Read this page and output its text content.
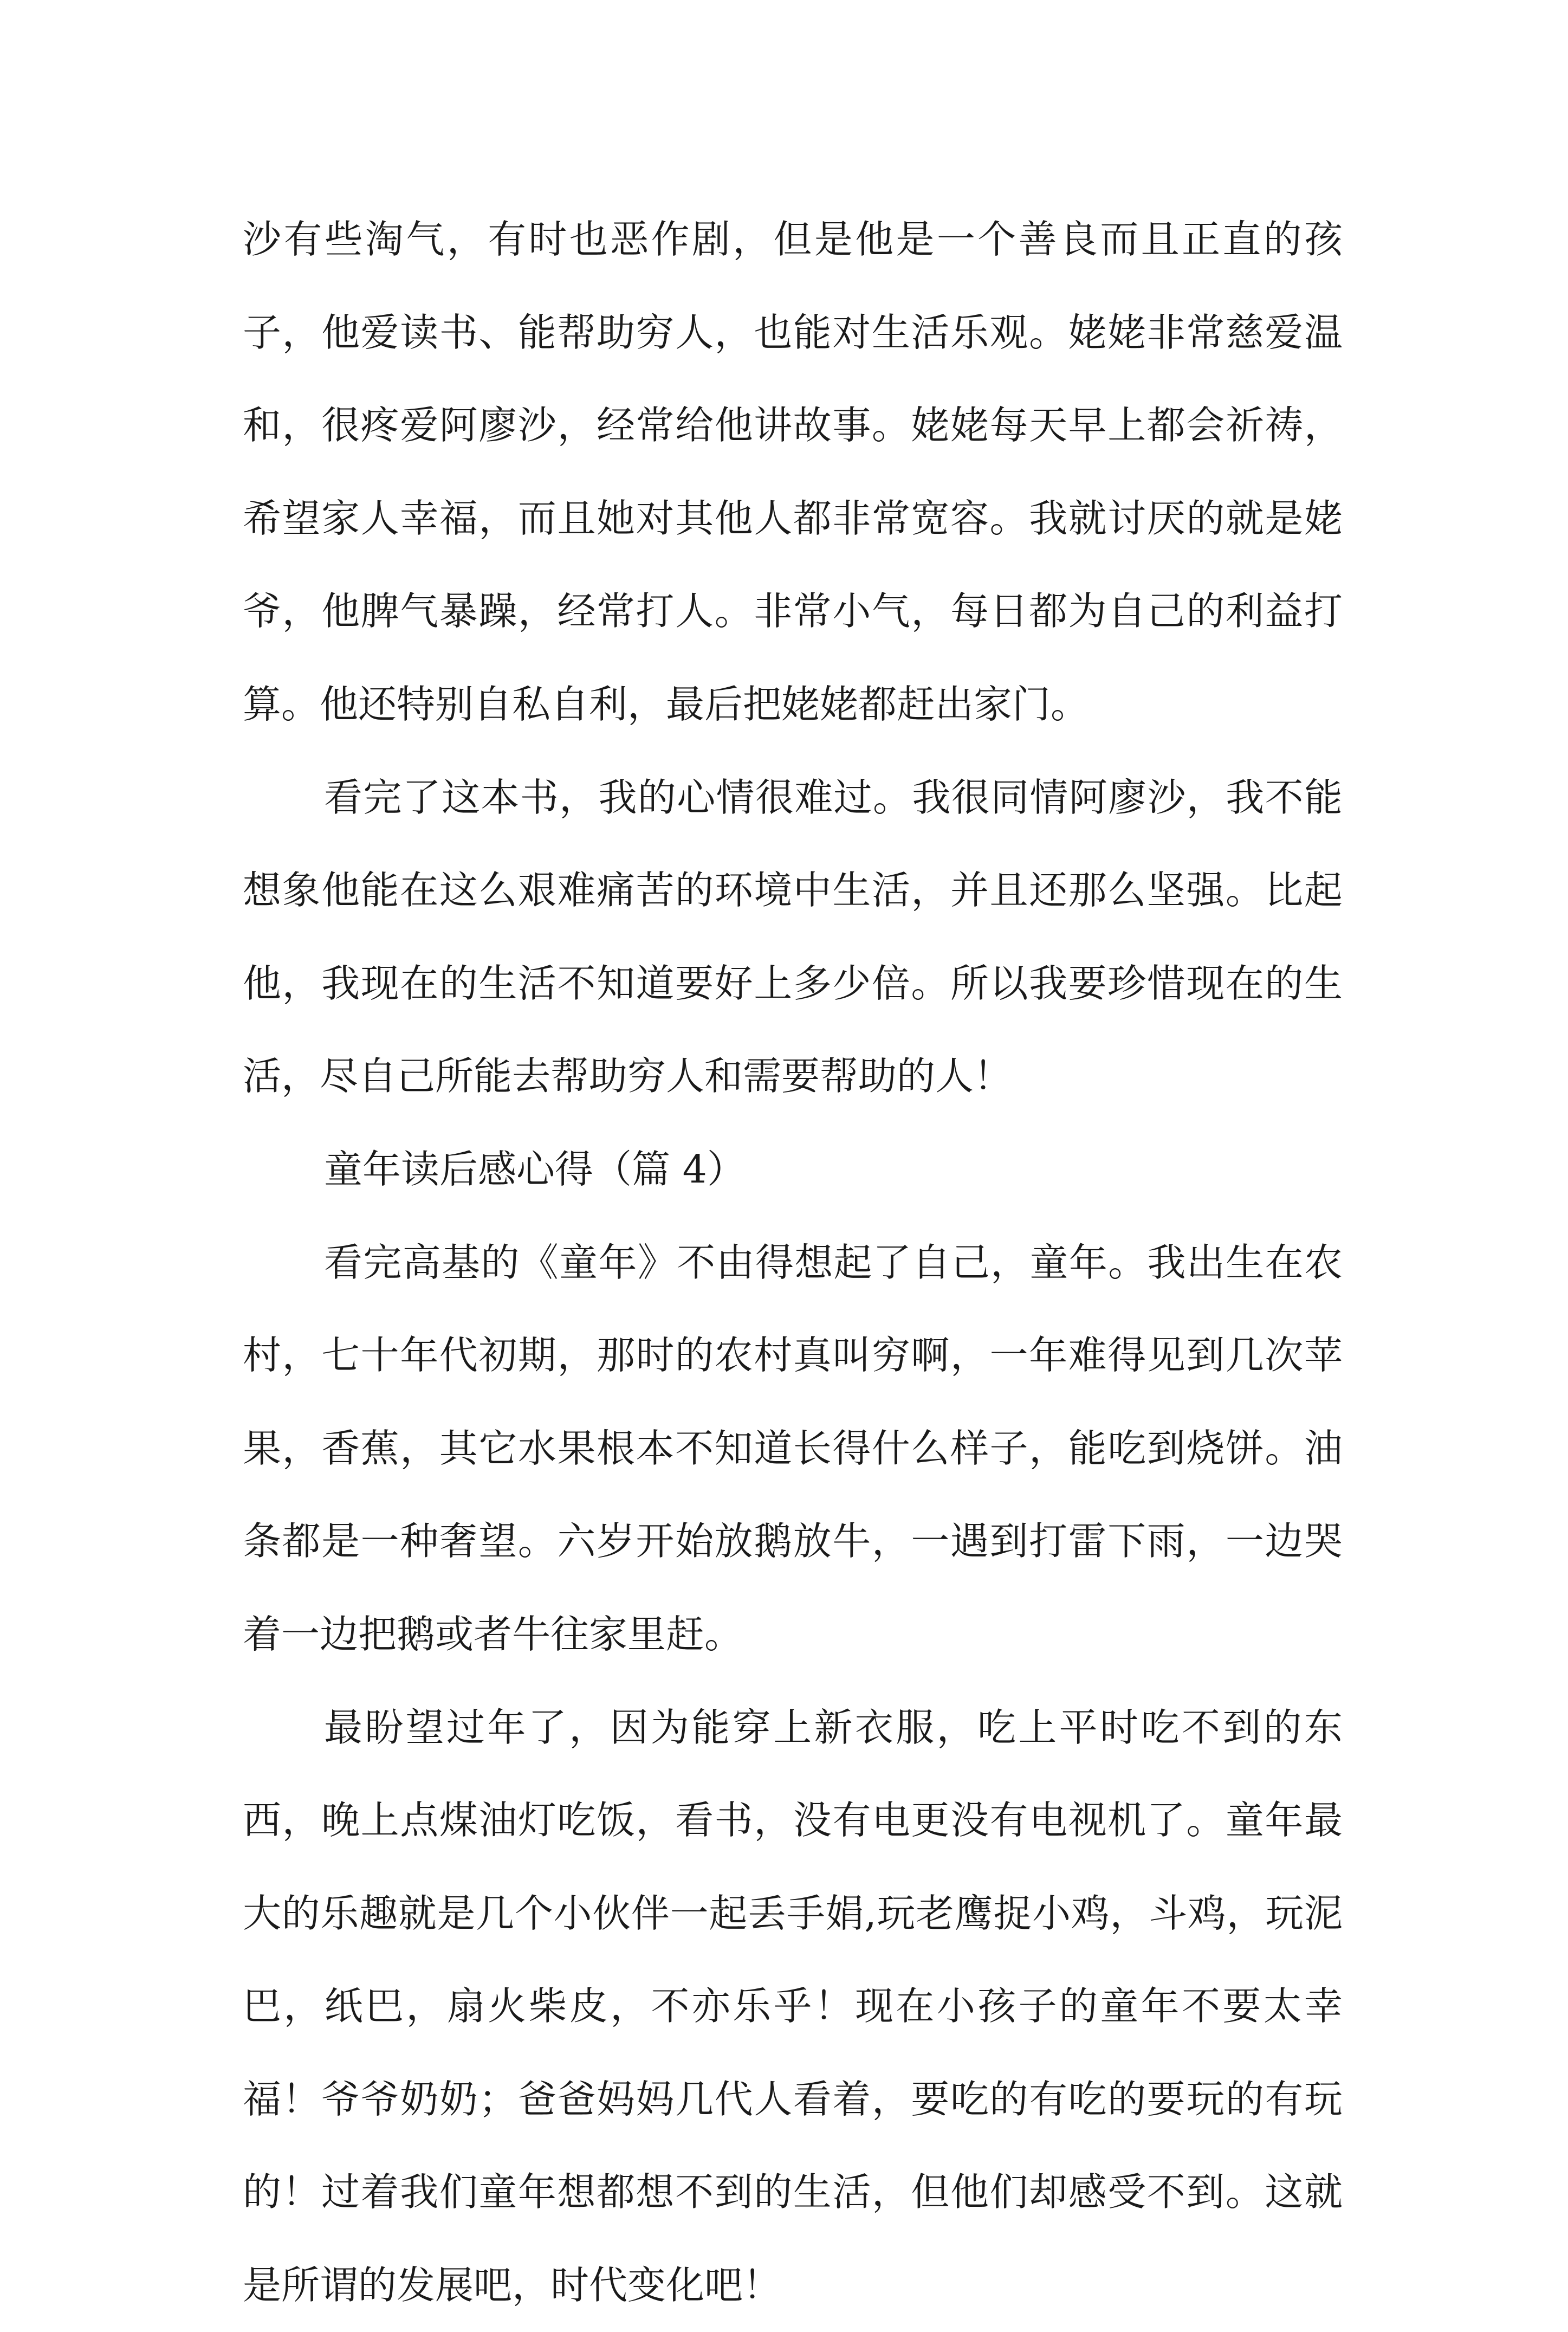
沙有些淘气，有时也恶作剧，但是他是一个善良而且正直的孩子，他爱读书、能帮助穷人，也能对生活乐观。姥姥非常慈爱温和，很疼爱阿廖沙，经常给他讲故事。姥姥每天早上都会祈祷，希望家人幸福，而且她对其他人都非常宽容。我就讨厌的就是姥爷，他脾气暴躁，经常打人。非常小气，每日都为自己的利益打算。他还特别自私自利，最后把姥姥都赶出家门。

看完了这本书，我的心情很难过。我很同情阿廖沙，我不能想象他能在这么艰难痛苦的环境中生活，并且还那么坚强。比起他，我现在的生活不知道要好上多少倍。所以我要珍惜现在的生活，尽自己所能去帮助穷人和需要帮助的人！

童年读后感心得（篇 4）

看完高基的《童年》不由得想起了自己，童年。我出生在农村，七十年代初期，那时的农村真叫穷啊，一年难得见到几次苹果，香蕉，其它水果根本不知道长得什么样子，能吃到烧饼。油条都是一种奢望。六岁开始放鹅放牛，一遇到打雷下雨，一边哭着一边把鹅或者牛往家里赶。

最盼望过年了，因为能穿上新衣服，吃上平时吃不到的东西，晚上点煤油灯吃饭，看书，没有电更没有电视机了。童年最大的乐趣就是几个小伙伴一起丢手娟,玩老鹰捉小鸡，斗鸡，玩泥巴，纸巴，扇火柴皮，不亦乐乎！现在小孩子的童年不要太幸福！爷爷奶奶；爸爸妈妈几代人看着，要吃的有吃的要玩的有玩的！过着我们童年想都想不到的生活，但他们却感受不到。这就是所谓的发展吧，时代变化吧！
